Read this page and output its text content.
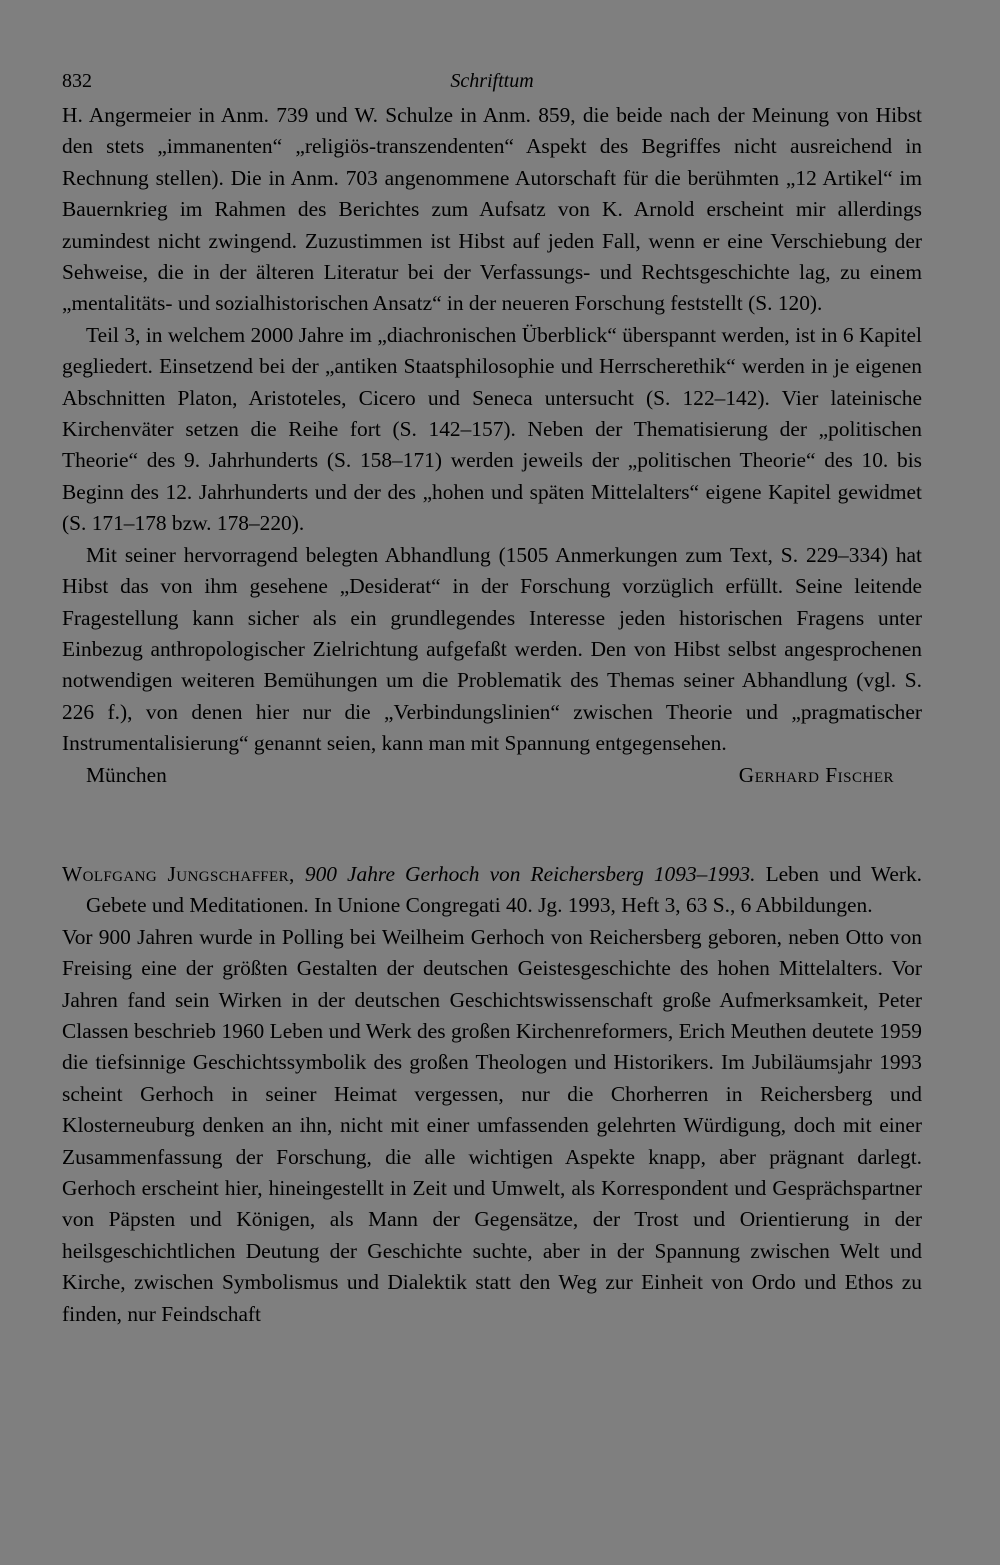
832	Schrifttum

H. Angermeier in Anm. 739 und W. Schulze in Anm. 859, die beide nach der Meinung von Hibst den stets „immanenten“ „religiös-transzendenten“ Aspekt des Begriffes nicht ausreichend in Rechnung stellen). Die in Anm. 703 angenommene Autorschaft für die berühmten „12 Artikel“ im Bauernkrieg im Rahmen des Berichtes zum Aufsatz von K. Arnold erscheint mir allerdings zumindest nicht zwingend. Zuzustimmen ist Hibst auf jeden Fall, wenn er eine Verschiebung der Sehweise, die in der älteren Literatur bei der Verfassungs- und Rechtsgeschichte lag, zu einem „mentalitäts- und sozialhistorischen Ansatz“ in der neueren Forschung feststellt (S. 120).

Teil 3, in welchem 2000 Jahre im „diachronischen Überblick“ überspannt werden, ist in 6 Kapitel gegliedert. Einsetzend bei der „antiken Staatsphilosophie und Herrscherethik“ werden in je eigenen Abschnitten Platon, Aristoteles, Cicero und Seneca untersucht (S. 122–142). Vier lateinische Kirchenväter setzen die Reihe fort (S. 142–157). Neben der Thematisierung der „politischen Theorie“ des 9. Jahrhunderts (S. 158–171) werden jeweils der „politischen Theorie“ des 10. bis Beginn des 12. Jahrhunderts und der des „hohen und späten Mittelalters“ eigene Kapitel gewidmet (S. 171–178 bzw. 178–220).

Mit seiner hervorragend belegten Abhandlung (1505 Anmerkungen zum Text, S. 229–334) hat Hibst das von ihm gesehene „Desiderat“ in der Forschung vorzüglich erfüllt. Seine leitende Fragestellung kann sicher als ein grundlegendes Interesse jeden historischen Fragens unter Einbezug anthropologischer Zielrichtung aufgefaßt werden. Den von Hibst selbst angesprochenen notwendigen weiteren Bemühungen um die Problematik des Themas seiner Abhandlung (vgl. S. 226 f.), von denen hier nur die „Verbindungslinien“ zwischen Theorie und „pragmatischer Instrumentalisierung“ genannt seien, kann man mit Spannung entgegensehen.

München	Gerhard Fischer

Wolfgang Jungschaffer, 900 Jahre Gerhoch von Reichersberg 1093–1993. Leben und Werk. Gebete und Meditationen. In Unione Congregati 40. Jg. 1993, Heft 3, 63 S., 6 Abbildungen.

Vor 900 Jahren wurde in Polling bei Weilheim Gerhoch von Reichersberg geboren, neben Otto von Freising eine der größten Gestalten der deutschen Geistesgeschichte des hohen Mittelalters. Vor Jahren fand sein Wirken in der deutschen Geschichtswissenschaft große Aufmerksamkeit, Peter Classen beschrieb 1960 Leben und Werk des großen Kirchenreformers, Erich Meuthen deutete 1959 die tiefsinnige Geschichtssymbolik des großen Theologen und Historikers. Im Jubiläumsjahr 1993 scheint Gerhoch in seiner Heimat vergessen, nur die Chorherren in Reichersberg und Klosterneuburg denken an ihn, nicht mit einer umfassenden gelehrten Würdigung, doch mit einer Zusammenfassung der Forschung, die alle wichtigen Aspekte knapp, aber prägnant darlegt. Gerhoch erscheint hier, hineingestellt in Zeit und Umwelt, als Korrespondent und Gesprächspartner von Päpsten und Königen, als Mann der Gegensätze, der Trost und Orientierung in der heilsgeschichtlichen Deutung der Geschichte suchte, aber in der Spannung zwischen Welt und Kirche, zwischen Symbolismus und Dialektik statt den Weg zur Einheit von Ordo und Ethos zu finden, nur Feindschaft
